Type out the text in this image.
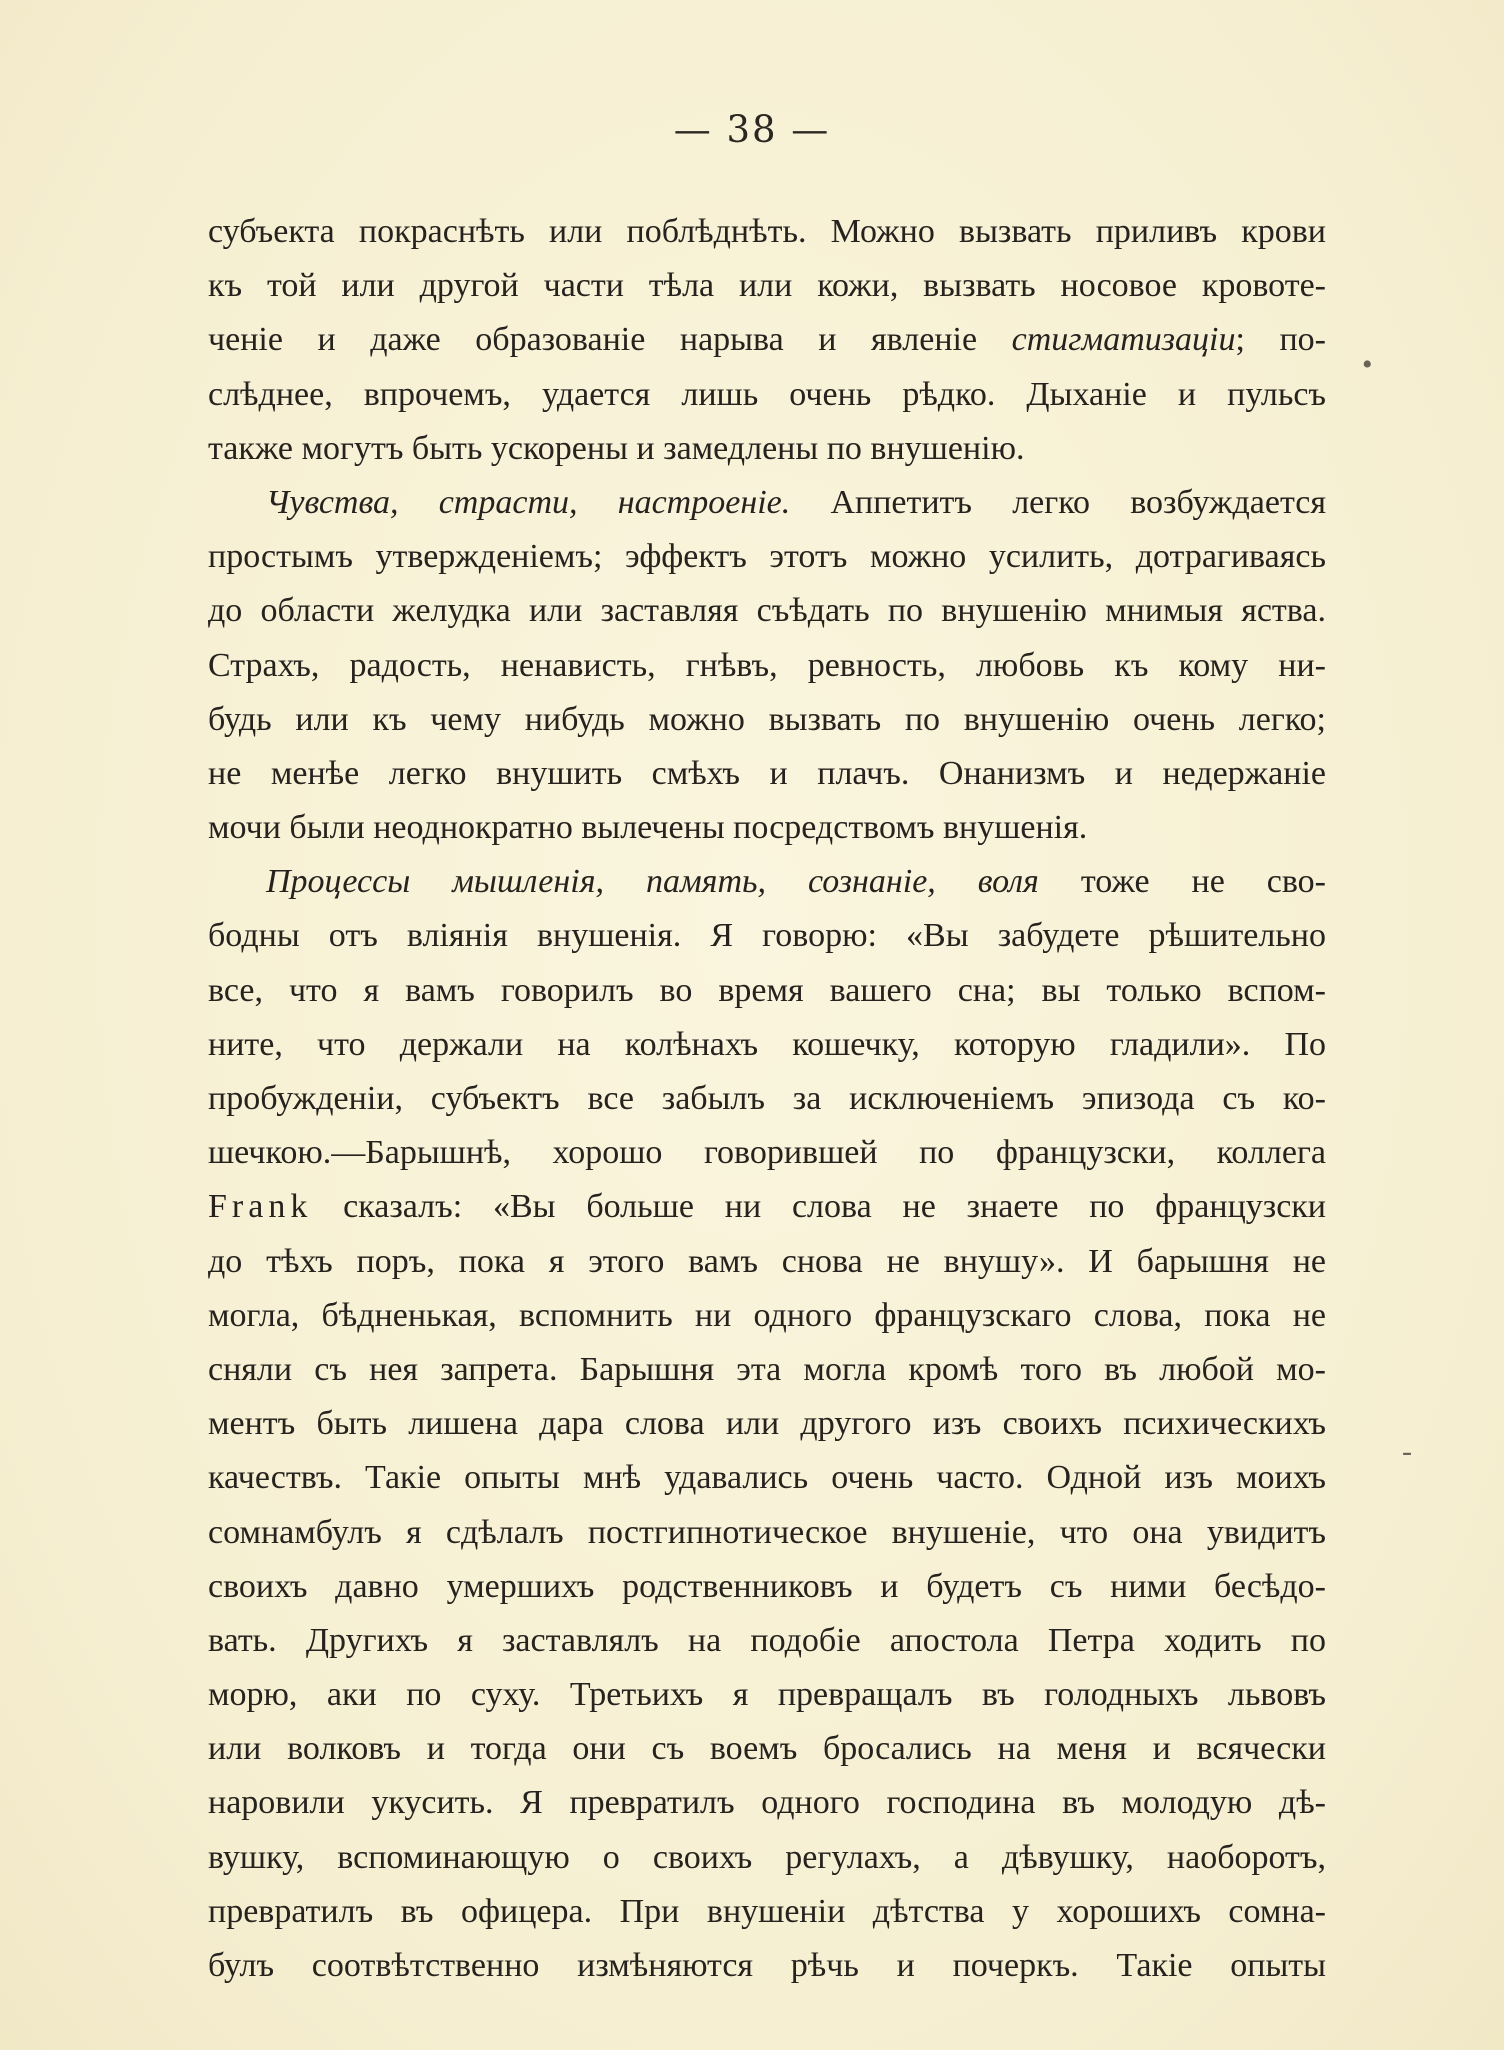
— 38 —
субъекта покраснѣть или поблѣднѣть. Можно вызвать приливъ крови
къ той или другой части тѣла или кожи, вызвать носовое кровоте-
ченіе и даже образованіе нарыва и явленіе стигматизаціи; по-
слѣднее, впрочемъ, удается лишь очень рѣдко. Дыханіе и пульсъ
также могутъ быть ускорены и замедлены по внушенію.
Чувства, страсти, настроеніе. Аппетитъ легко возбуждается
простымъ утвержденіемъ; эффектъ этотъ можно усилить, дотрагиваясь
до области желудка или заставляя съѣдать по внушенію мнимыя яства.
Страхъ, радость, ненависть, гнѣвъ, ревность, любовь къ кому ни-
будь или къ чему нибудь можно вызвать по внушенію очень легко;
не менѣе легко внушить смѣхъ и плачъ. Онанизмъ и недержаніе
мочи были неоднократно вылечены посредствомъ внушенія.
Процессы мышленія, память, сознаніе, воля тоже не сво-
бодны отъ вліянія внушенія. Я говорю: «Вы забудете рѣшительно
все, что я вамъ говорилъ во время вашего сна; вы только вспом-
ните, что держали на колѣнахъ кошечку, которую гладили». По
пробужденіи, субъектъ все забылъ за исключеніемъ эпизода съ ко-
шечкою.—Барышнѣ, хорошо говорившей по французски, коллега
Frank сказалъ: «Вы больше ни слова не знаете по французски
до тѣхъ поръ, пока я этого вамъ снова не внушу». И барышня не
могла, бѣдненькая, вспомнить ни одного французскаго слова, пока не
сняли съ нея запрета. Барышня эта могла кромѣ того въ любой мо-
ментъ быть лишена дара слова или другого изъ своихъ психическихъ
качествъ. Такіе опыты мнѣ удавались очень часто. Одной изъ моихъ
сомнамбулъ я сдѣлалъ постгипнотическое внушеніе, что она увидитъ
своихъ давно умершихъ родственниковъ и будетъ съ ними бесѣдо-
вать. Другихъ я заставлялъ на подобіе апостола Петра ходить по
морю, аки по суху. Третьихъ я превращалъ въ голодныхъ львовъ
или волковъ и тогда они съ воемъ бросались на меня и всячески
наровили укусить. Я превратилъ одного господина въ молодую дѣ-
вушку, вспоминающую о своихъ регулахъ, а дѣвушку, наоборотъ,
превратилъ въ офицера. При внушеніи дѣтства у хорошихъ сомна-
булъ соотвѣтственно измѣняются рѣчь и почеркъ. Такіе опыты
•
-
